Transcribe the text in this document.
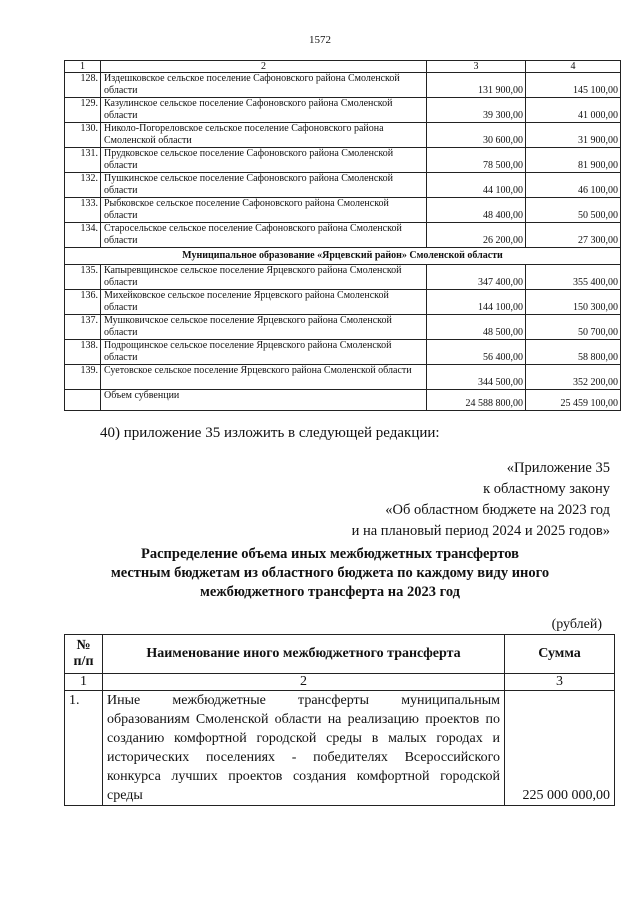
1572
1	2	3	4
128.	Издешковское сельское поселение Сафоновского района Смоленской области	131 900,00	145 100,00
129.	Казулинское сельское поселение Сафоновского района Смоленской области	39 300,00	41 000,00
130.	Николо-Погореловское сельское поселение Сафоновского района Смоленской области	30 600,00	31 900,00
131.	Прудковское сельское поселение Сафоновского района Смоленской области	78 500,00	81 900,00
132.	Пушкинское сельское поселение Сафоновского района Смоленской области	44 100,00	46 100,00
133.	Рыбковское сельское поселение Сафоновского района Смоленской области	48 400,00	50 500,00
134.	Старосельское сельское поселение Сафоновского района Смоленской области	26 200,00	27 300,00
Муниципальное образование «Ярцевский район» Смоленской области			
135.	Капыревщинское сельское поселение Ярцевского района Смоленской области	347 400,00	355 400,00
136.	Михейковское сельское поселение Ярцевского района Смоленской области	144 100,00	150 300,00
137.	Мушковичское сельское поселение Ярцевского района Смоленской области	48 500,00	50 700,00
138.	Подрощинское сельское поселение Ярцевского района Смоленской области	56 400,00	58 800,00
139.	Суетовское сельское поселение Ярцевского района Смоленской области	344 500,00	352 200,00
	Объем субвенции	24 588 800,00	25 459 100,00
40) приложение 35 изложить в следующей редакции:
«Приложение 35
к областному закону
«Об областном бюджете на 2023 год
и на плановый период 2024 и 2025 годов»
Распределение объема иных межбюджетных трансфертов
местным бюджетам из областного бюджета по каждому виду иного
межбюджетного трансферта на 2023 год
(рублей)
№
п/п	Наименование иного межбюджетного трансферта	Сумма
1	2	3
1.	Иные межбюджетные трансферты муниципальным образованиям Смоленской области на реализацию проектов по созданию комфортной городской среды в малых городах и исторических поселениях - победителях Всероссийского конкурса лучших проектов создания комфортной городской среды	225 000 000,00
